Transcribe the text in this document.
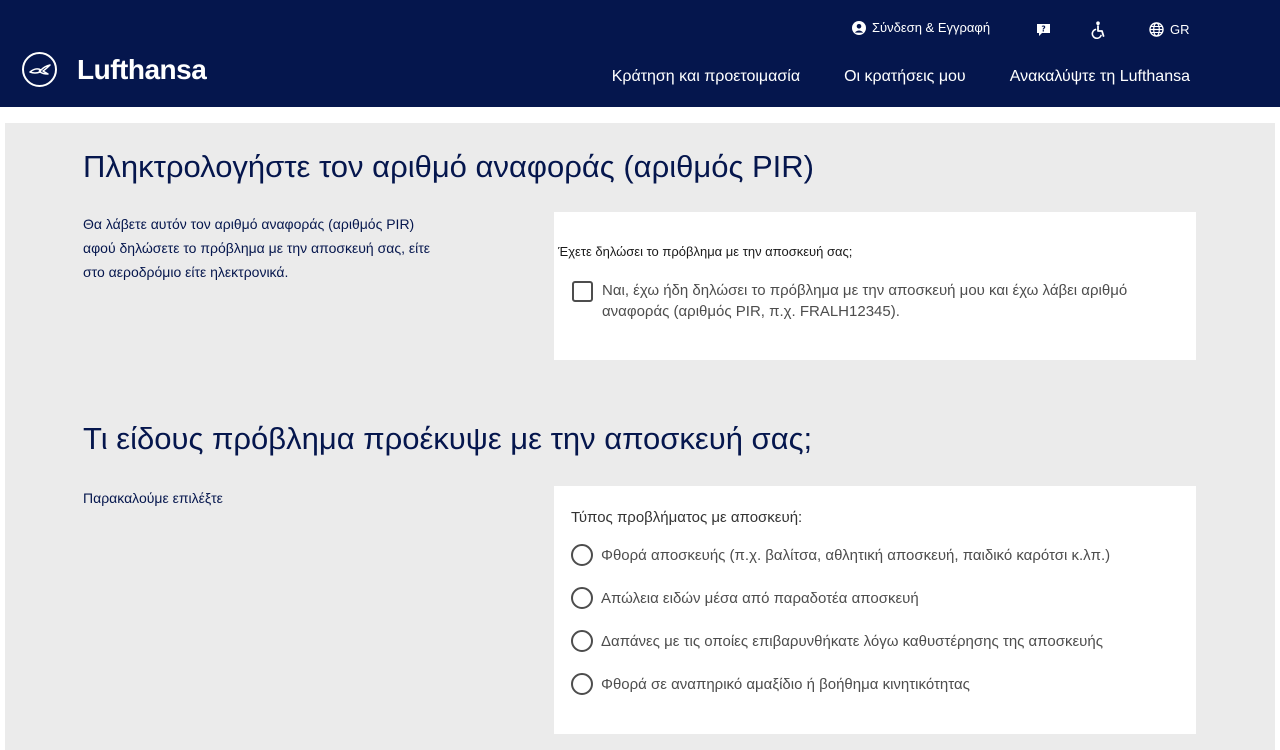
Lufthansa
Σύνδεση & Εγγραφή	?	GR
Κράτηση και προετοιμασία	Οι κρατήσεις μου	Ανακαλύψτε τη Lufthansa
Πληκτρολογήστε τον αριθμό αναφοράς (αριθμός PIR)

Θα λάβετε αυτόν τον αριθμό αναφοράς (αριθμός PIR) αφού δηλώσετε το πρόβλημα με την αποσκευή σας, είτε στο αεροδρόμιο είτε ηλεκτρονικά.

Έχετε δηλώσει το πρόβλημα με την αποσκευή σας;
Ναι, έχω ήδη δηλώσει το πρόβλημα με την αποσκευή μου και έχω λάβει αριθμό αναφοράς (αριθμός PIR, π.χ. FRALH12345).
Τι είδους πρόβλημα προέκυψε με την αποσκευή σας;

Παρακαλούμε επιλέξτε

Τύπος προβλήματος με αποσκευή:
Φθορά αποσκευής (π.χ. βαλίτσα, αθλητική αποσκευή, παιδικό καρότσι κ.λπ.)
Απώλεια ειδών μέσα από παραδοτέα αποσκευή
Δαπάνες με τις οποίες επιβαρυνθήκατε λόγω καθυστέρησης της αποσκευής
Φθορά σε αναπηρικό αμαξίδιο ή βοήθημα κινητικότητας
